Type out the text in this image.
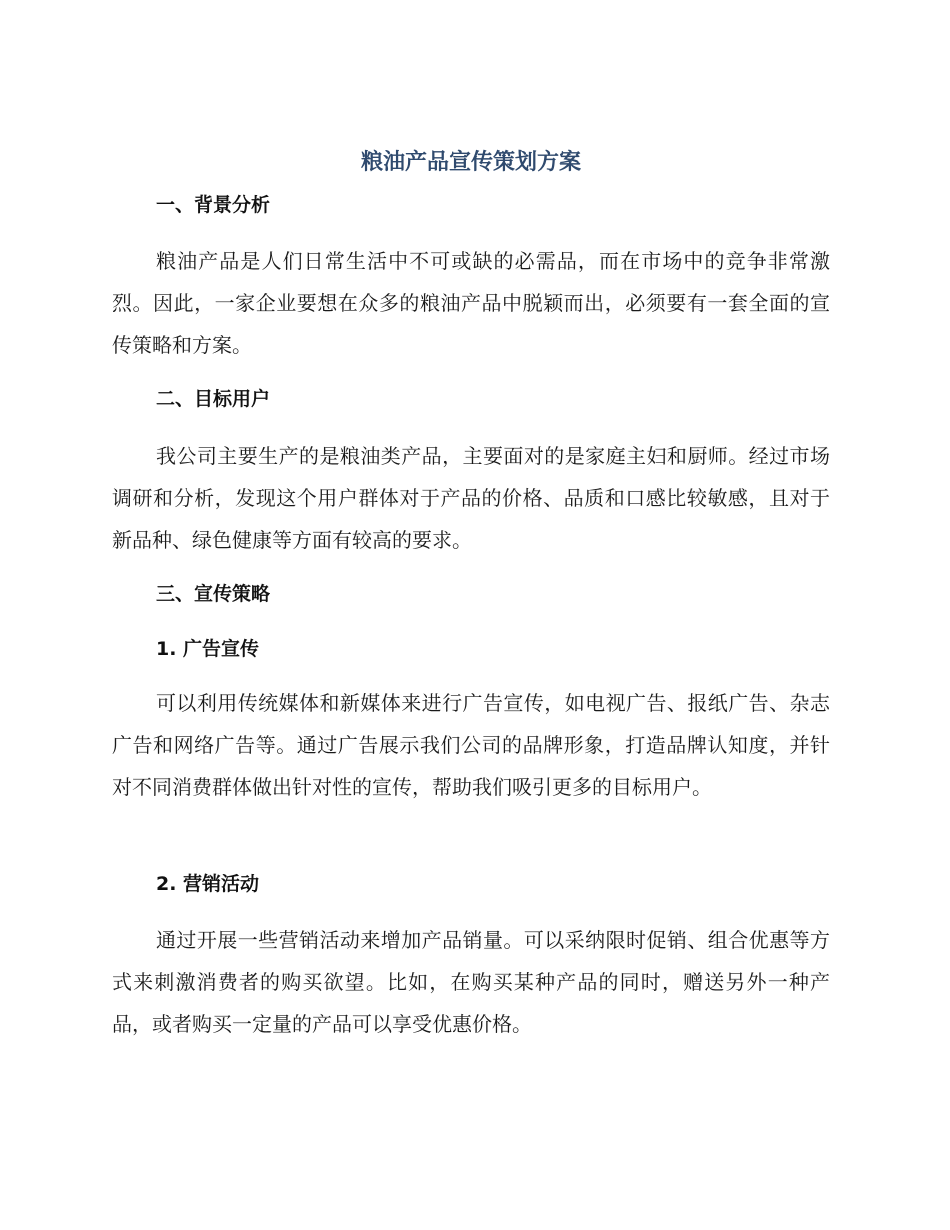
粮油产品宣传策划方案
一、背景分析

粮油产品是人们日常生活中不可或缺的必需品，而在市场中的竞争非常激烈。因此，一家企业要想在众多的粮油产品中脱颖而出，必须要有一套全面的宣传策略和方案。

二、目标用户

我公司主要生产的是粮油类产品，主要面对的是家庭主妇和厨师。经过市场调研和分析，发现这个用户群体对于产品的价格、品质和口感比较敏感，且对于新品种、绿色健康等方面有较高的要求。

三、宣传策略
1. 广告宣传

可以利用传统媒体和新媒体来进行广告宣传，如电视广告、报纸广告、杂志广告和网络广告等。通过广告展示我们公司的品牌形象，打造品牌认知度，并针对不同消费群体做出针对性的宣传，帮助我们吸引更多的目标用户。

2. 营销活动

通过开展一些营销活动来增加产品销量。可以采纳限时促销、组合优惠等方式来刺激消费者的购买欲望。比如，在购买某种产品的同时，赠送另外一种产品，或者购买一定量的产品可以享受优惠价格。
